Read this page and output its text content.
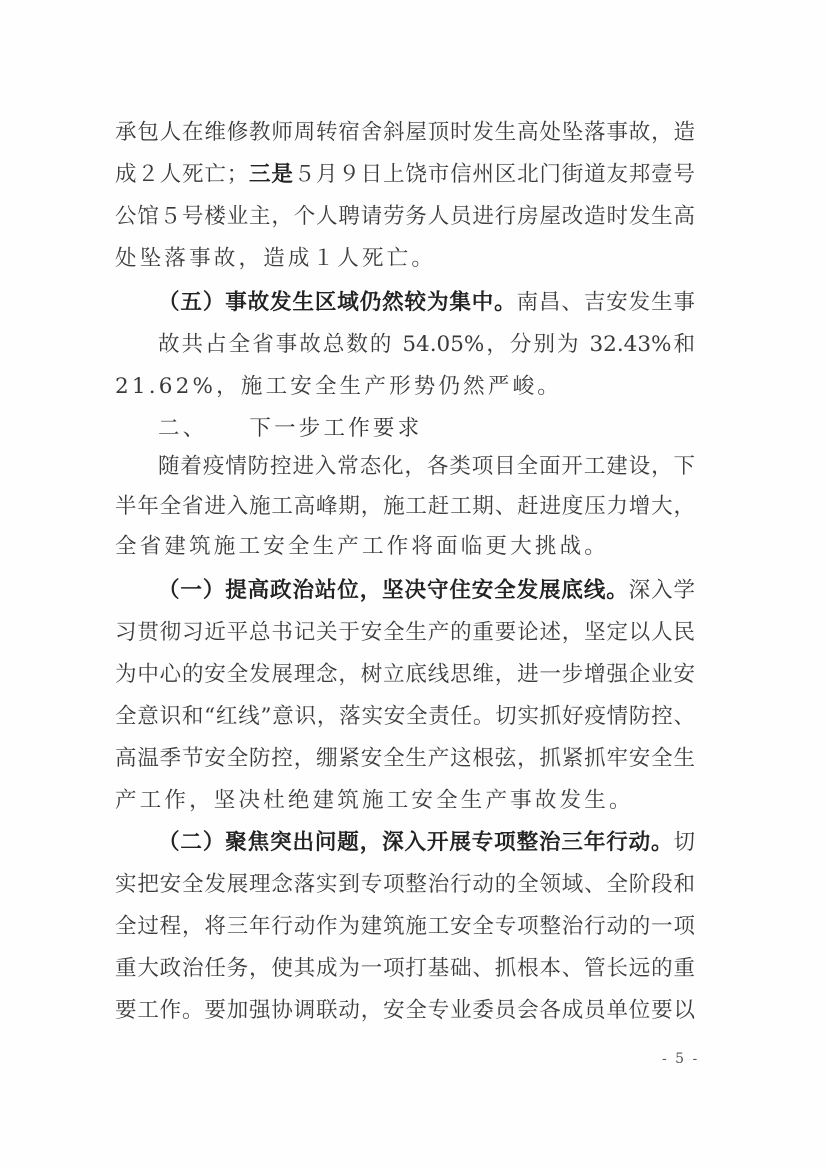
承包人在维修教师周转宿舍斜屋顶时发生高处坠落事故，造
成２人死亡；三是５月９日上饶市信州区北门街道友邦壹号
公馆５号楼业主，个人聘请劳务人员进行房屋改造时发生高
处坠落事故，造成１人死亡。
（五）事故发生区域仍然较为集中。南昌、吉安发生事
故共占全省事故总数的 54.05%，分别为 32.43%和
21.62%，施工安全生产形势仍然严峻。
二、 下一步工作要求
随着疫情防控进入常态化，各类项目全面开工建设，下
半年全省进入施工高峰期，施工赶工期、赶进度压力增大，
全省建筑施工安全生产工作将面临更大挑战。
（一）提高政治站位，坚决守住安全发展底线。深入学
习贯彻习近平总书记关于安全生产的重要论述，坚定以人民
为中心的安全发展理念，树立底线思维，进一步增强企业安
全意识和“红线”意识，落实安全责任。切实抓好疫情防控、
高温季节安全防控，绷紧安全生产这根弦，抓紧抓牢安全生
产工作，坚决杜绝建筑施工安全生产事故发生。
（二）聚焦突出问题，深入开展专项整治三年行动。切
实把安全发展理念落实到专项整治行动的全领域、全阶段和
全过程，将三年行动作为建筑施工安全专项整治行动的一项
重大政治任务，使其成为一项打基础、抓根本、管长远的重
要工作。要加强协调联动，安全专业委员会各成员单位要以
- 5 -
